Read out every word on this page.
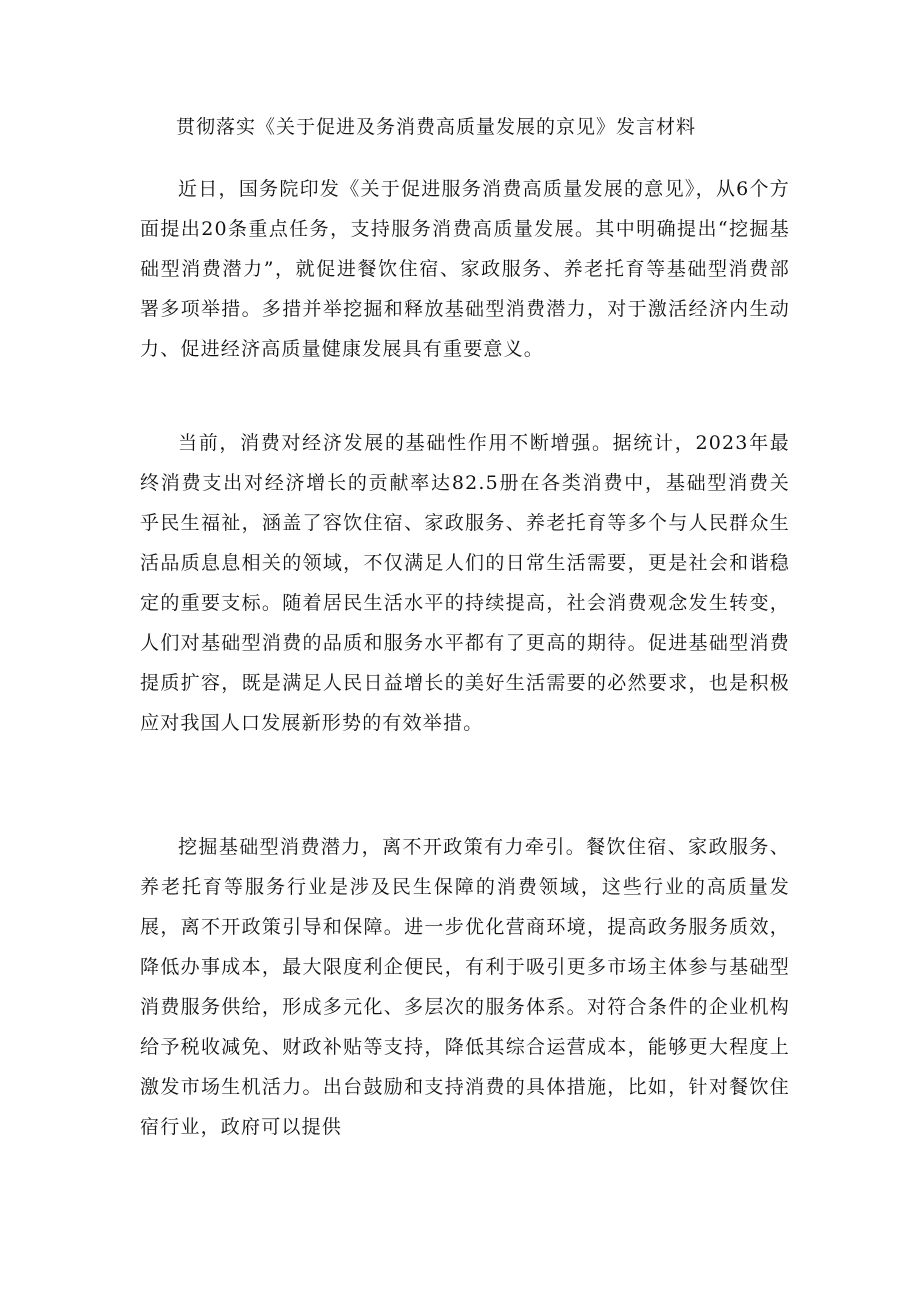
贯彻落实《关于促进及务消费高质量发展的京见》发言材料

近日，国务院印发《关于促进服务消费高质量发展的意见》，从6个方面提出20条重点任务，支持服务消费高质量发展。其中明确提出“挖掘基础型消费潜力”，就促进餐饮住宿、家政服务、养老托育等基础型消费部署多项举措。多措并举挖掘和释放基础型消费潜力，对于激活经济内生动力、促进经济高质量健康发展具有重要意义。

当前，消费对经济发展的基础性作用不断增强。据统计，2023年最终消费支出对经济增长的贡献率达82.5册在各类消费中，基础型消费关乎民生福祉，涵盖了容饮住宿、家政服务、养老托育等多个与人民群众生活品质息息相关的领域，不仅满足人们的日常生活需要，更是社会和谐稳定的重要支标。随着居民生活水平的持续提高，社会消费观念发生转变，人们对基础型消费的品质和服务水平都有了更高的期待。促进基础型消费提质扩容，既是满足人民日益增长的美好生活需要的必然要求，也是积极应对我国人口发展新形势的有效举措。

挖掘基础型消费潜力，离不开政策有力牵引。餐饮住宿、家政服务、养老托育等服务行业是涉及民生保障的消费领域，这些行业的高质量发展，离不开政策引导和保障。进一步优化营商环境，提高政务服务质效，降低办事成本，最大限度利企便民，有利于吸引更多市场主体参与基础型消费服务供给，形成多元化、多层次的服务体系。对符合条件的企业机构给予税收减免、财政补贴等支持，降低其综合运营成本，能够更大程度上激发市场生机活力。出台鼓励和支持消费的具体措施，比如，针对餐饮住宿行业，政府可以提供
